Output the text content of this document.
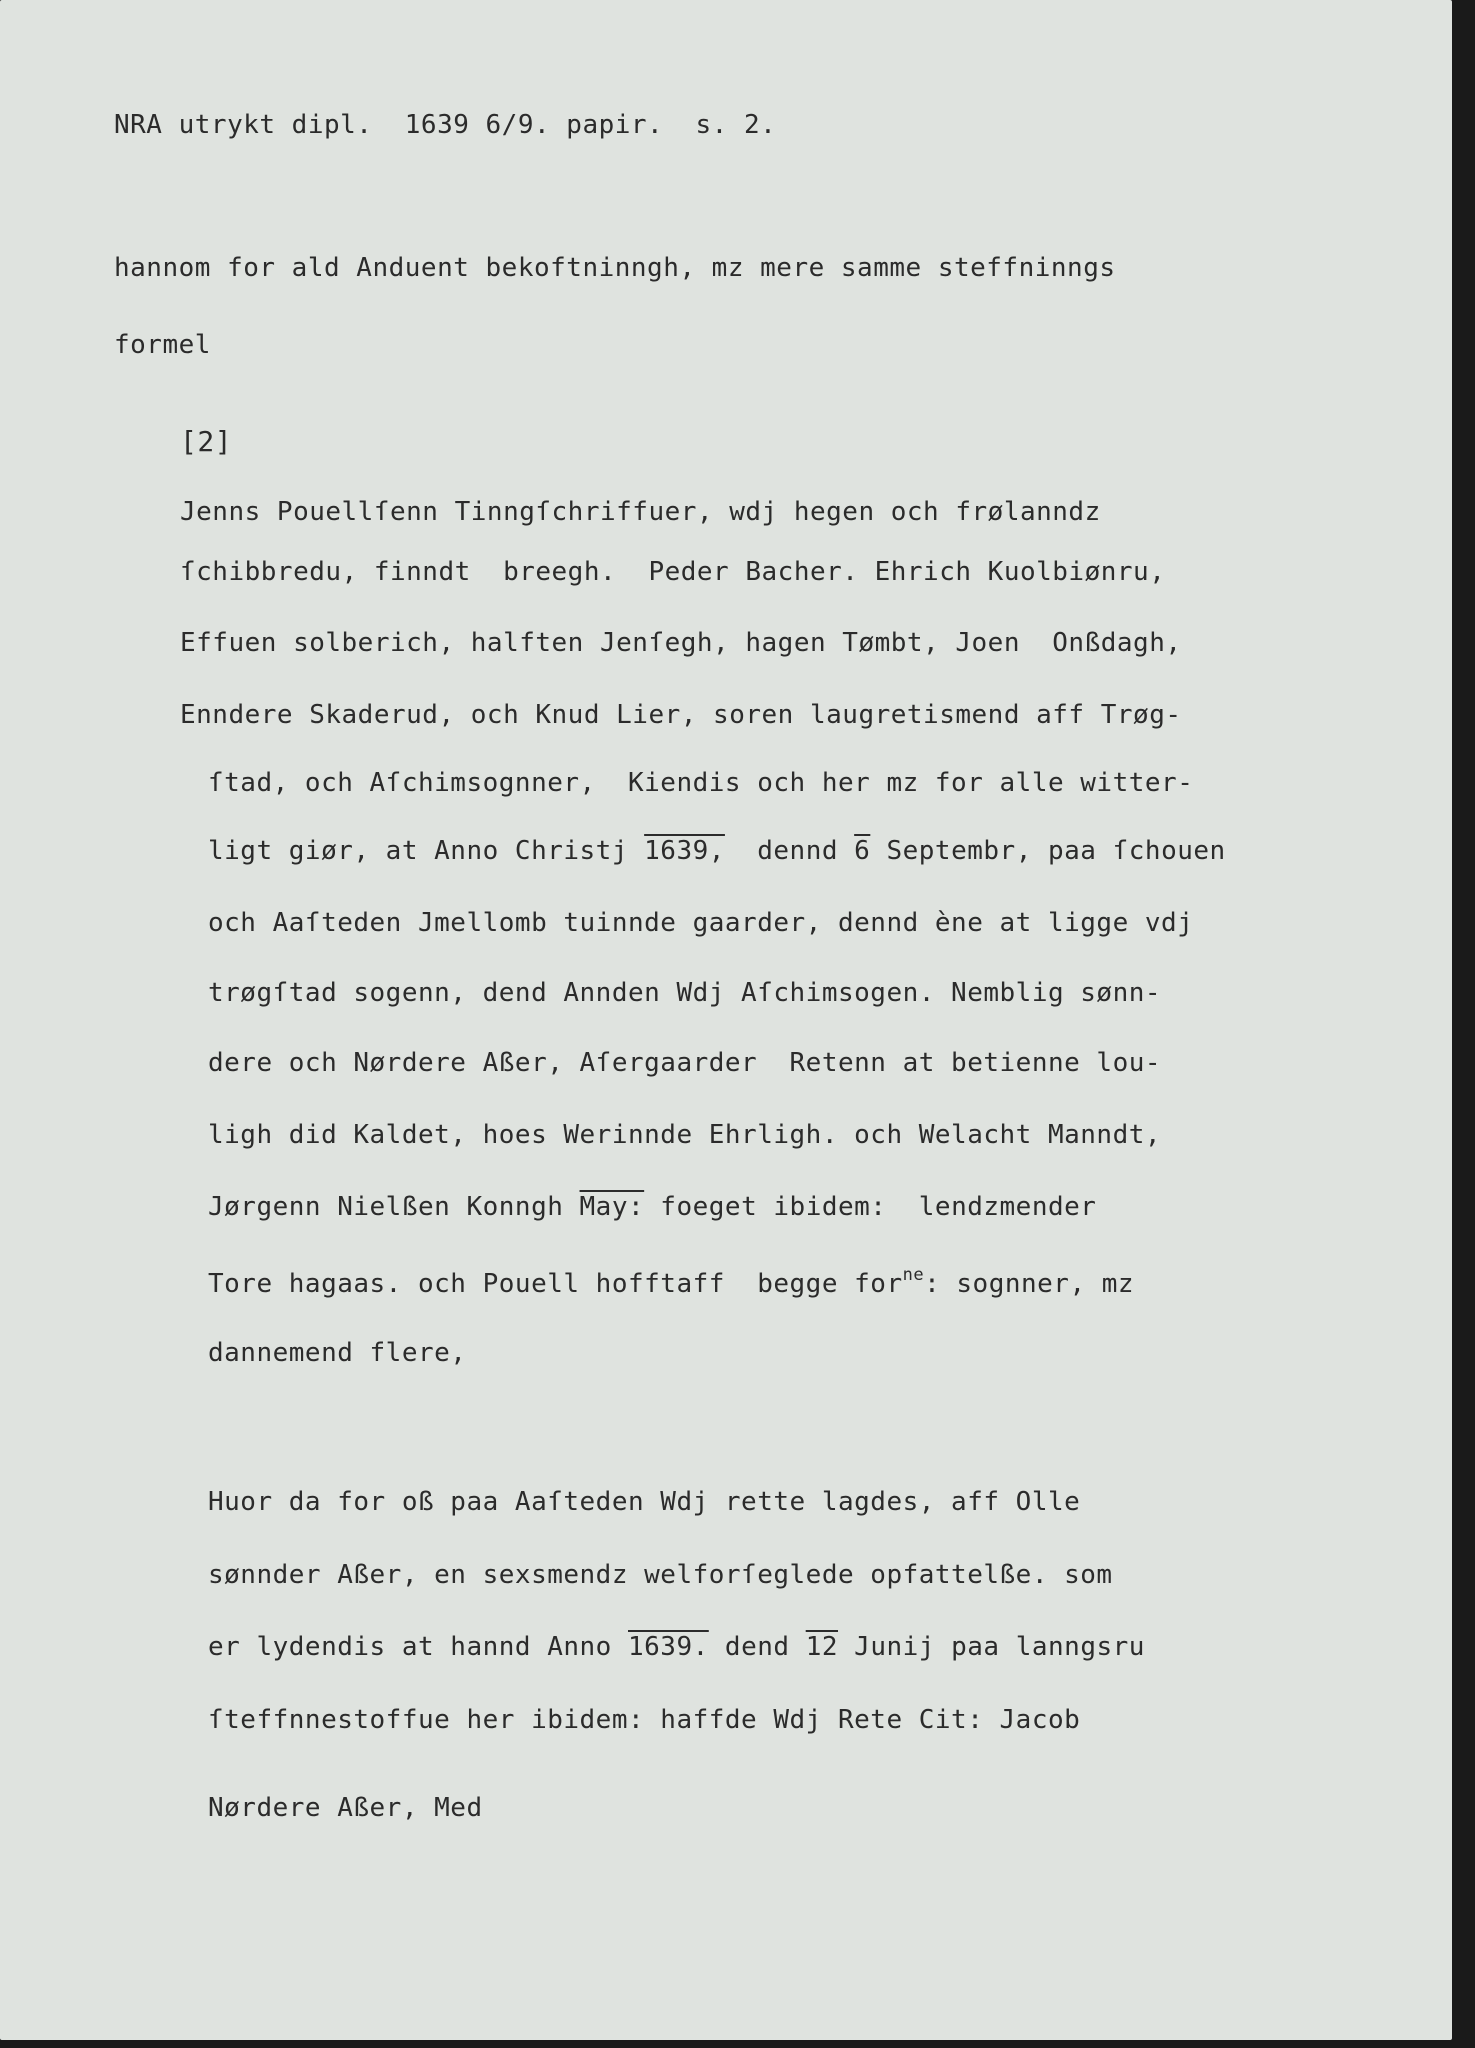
NRA utrykt dipl.  1639 6/9. papir.  s. 2.
hannom for ald Anduent bekoftninngh, mz mere samme steffninngs
formel
[2]
Jenns Pouellſenn Tinngſchriffuer, wdj hegen och frølanndz
ſchibbredu, finndt  breegh.  Peder Bacher. Ehrich Kuolbiønru,
Effuen solberich, halften Jenſegh, hagen Tømbt, Joen  Onßdagh,
Enndere Skaderud, och Knud Lier, soren laugretismend aff Trøg-
ſtad, och Aſchimsognner,  Kiendis och her mz for alle witter-
ligt giør, at Anno Christj 1639,  dennd 6 Septembr, paa ſchouen
och Aaſteden Jmellomb tuinnde gaarder, dennd ène at ligge vdj
trøgſtad sogenn, dend Annden Wdj Aſchimsogen. Nemblig sønn-
dere och Nørdere Aßer, Aſergaarder  Retenn at betienne lou-
ligh did Kaldet, hoes Werinnde Ehrligh. och Welacht Manndt,
Jørgenn Nielßen Konngh May: foeget ibidem:  lendzmender
Tore hagaas. och Pouell hofftaff  begge for$^{ne}$: sognner, mz
dannemend flere,
Huor da for oß paa Aaſteden Wdj rette lagdes, aff Olle
sønnder Aßer, en sexsmendz welforſeglede opfattelße. som
er lydendis at hannd Anno 1639. dend 12 Junij paa lanngsru
ſteffnnestoffue her ibidem: haffde Wdj Rete Cit: Jacob
Nørdere Aßer, Med
